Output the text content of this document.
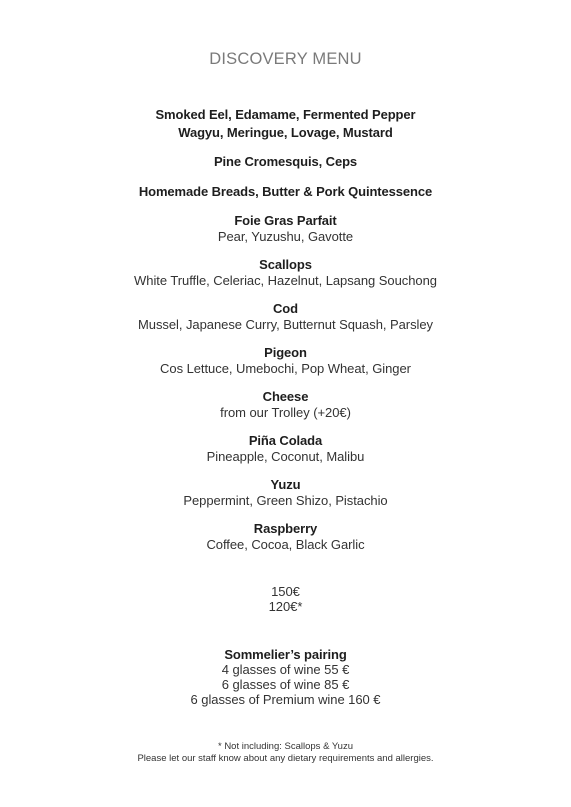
DISCOVERY MENU
Smoked Eel, Edamame, Fermented Pepper
Wagyu, Meringue, Lovage, Mustard
Pine Cromesquis, Ceps
Homemade Breads, Butter & Pork Quintessence
Foie Gras Parfait
Pear, Yuzushu, Gavotte
Scallops
White Truffle, Celeriac, Hazelnut, Lapsang Souchong
Cod
Mussel, Japanese Curry, Butternut Squash, Parsley
Pigeon
Cos Lettuce, Umebochi, Pop Wheat, Ginger
Cheese
from our Trolley (+20€)
Piña Colada
Pineapple, Coconut, Malibu
Yuzu
Peppermint, Green Shizo, Pistachio
Raspberry
Coffee, Cocoa, Black Garlic
150€
120€*
Sommelier’s pairing
4 glasses of wine 55 €
6 glasses of wine 85 €
6 glasses of Premium wine 160 €
* Not including: Scallops & Yuzu
Please let our staff know about any dietary requirements and allergies.
